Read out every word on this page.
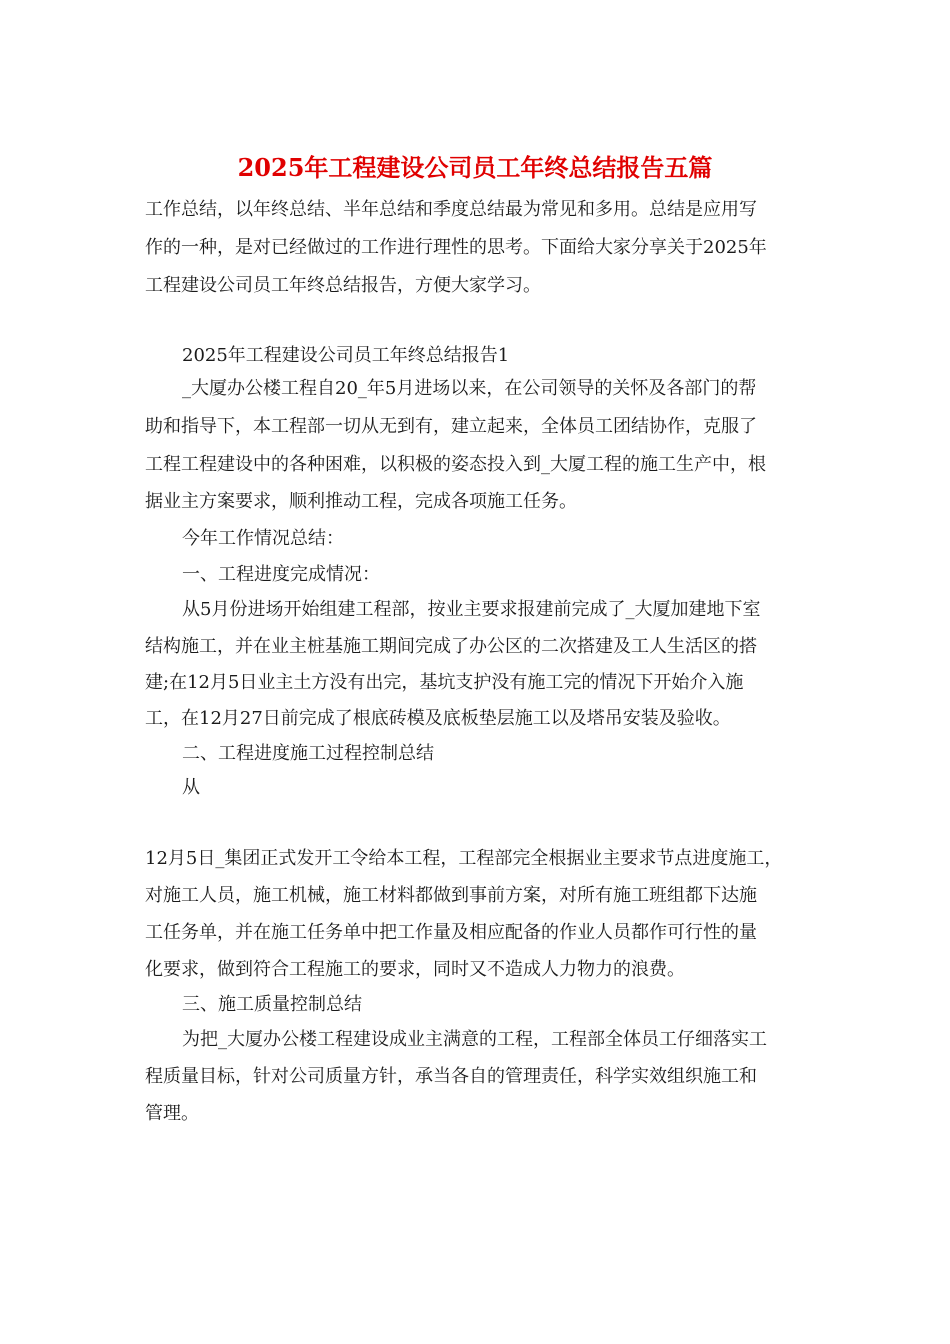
2025年工程建设公司员工年终总结报告五篇
工作总结，以年终总结、半年总结和季度总结最为常见和多用。总结是应用写
作的一种，是对已经做过的工作进行理性的思考。下面给大家分享关于2025年
工程建设公司员工年终总结报告，方便大家学习。
2025年工程建设公司员工年终总结报告1
_大厦办公楼工程自20_年5月进场以来，在公司领导的关怀及各部门的帮
助和指导下，本工程部一切从无到有，建立起来，全体员工团结协作，克服了
工程工程建设中的各种困难，以积极的姿态投入到_大厦工程的施工生产中，根
据业主方案要求，顺利推动工程，完成各项施工任务。
今年工作情况总结：
一、工程进度完成情况：
从5月份进场开始组建工程部，按业主要求报建前完成了_大厦加建地下室
结构施工，并在业主桩基施工期间完成了办公区的二次搭建及工人生活区的搭
建;在12月5日业主土方没有出完，基坑支护没有施工完的情况下开始介入施
工，在12月27日前完成了根底砖模及底板垫层施工以及塔吊安装及验收。
二、工程进度施工过程控制总结
从
12月5日_集团正式发开工令给本工程，工程部完全根据业主要求节点进度施工，
对施工人员，施工机械，施工材料都做到事前方案，对所有施工班组都下达施
工任务单，并在施工任务单中把工作量及相应配备的作业人员都作可行性的量
化要求，做到符合工程施工的要求，同时又不造成人力物力的浪费。
三、施工质量控制总结
为把_大厦办公楼工程建设成业主满意的工程，工程部全体员工仔细落实工
程质量目标，针对公司质量方针，承当各自的管理责任，科学实效组织施工和
管理。
